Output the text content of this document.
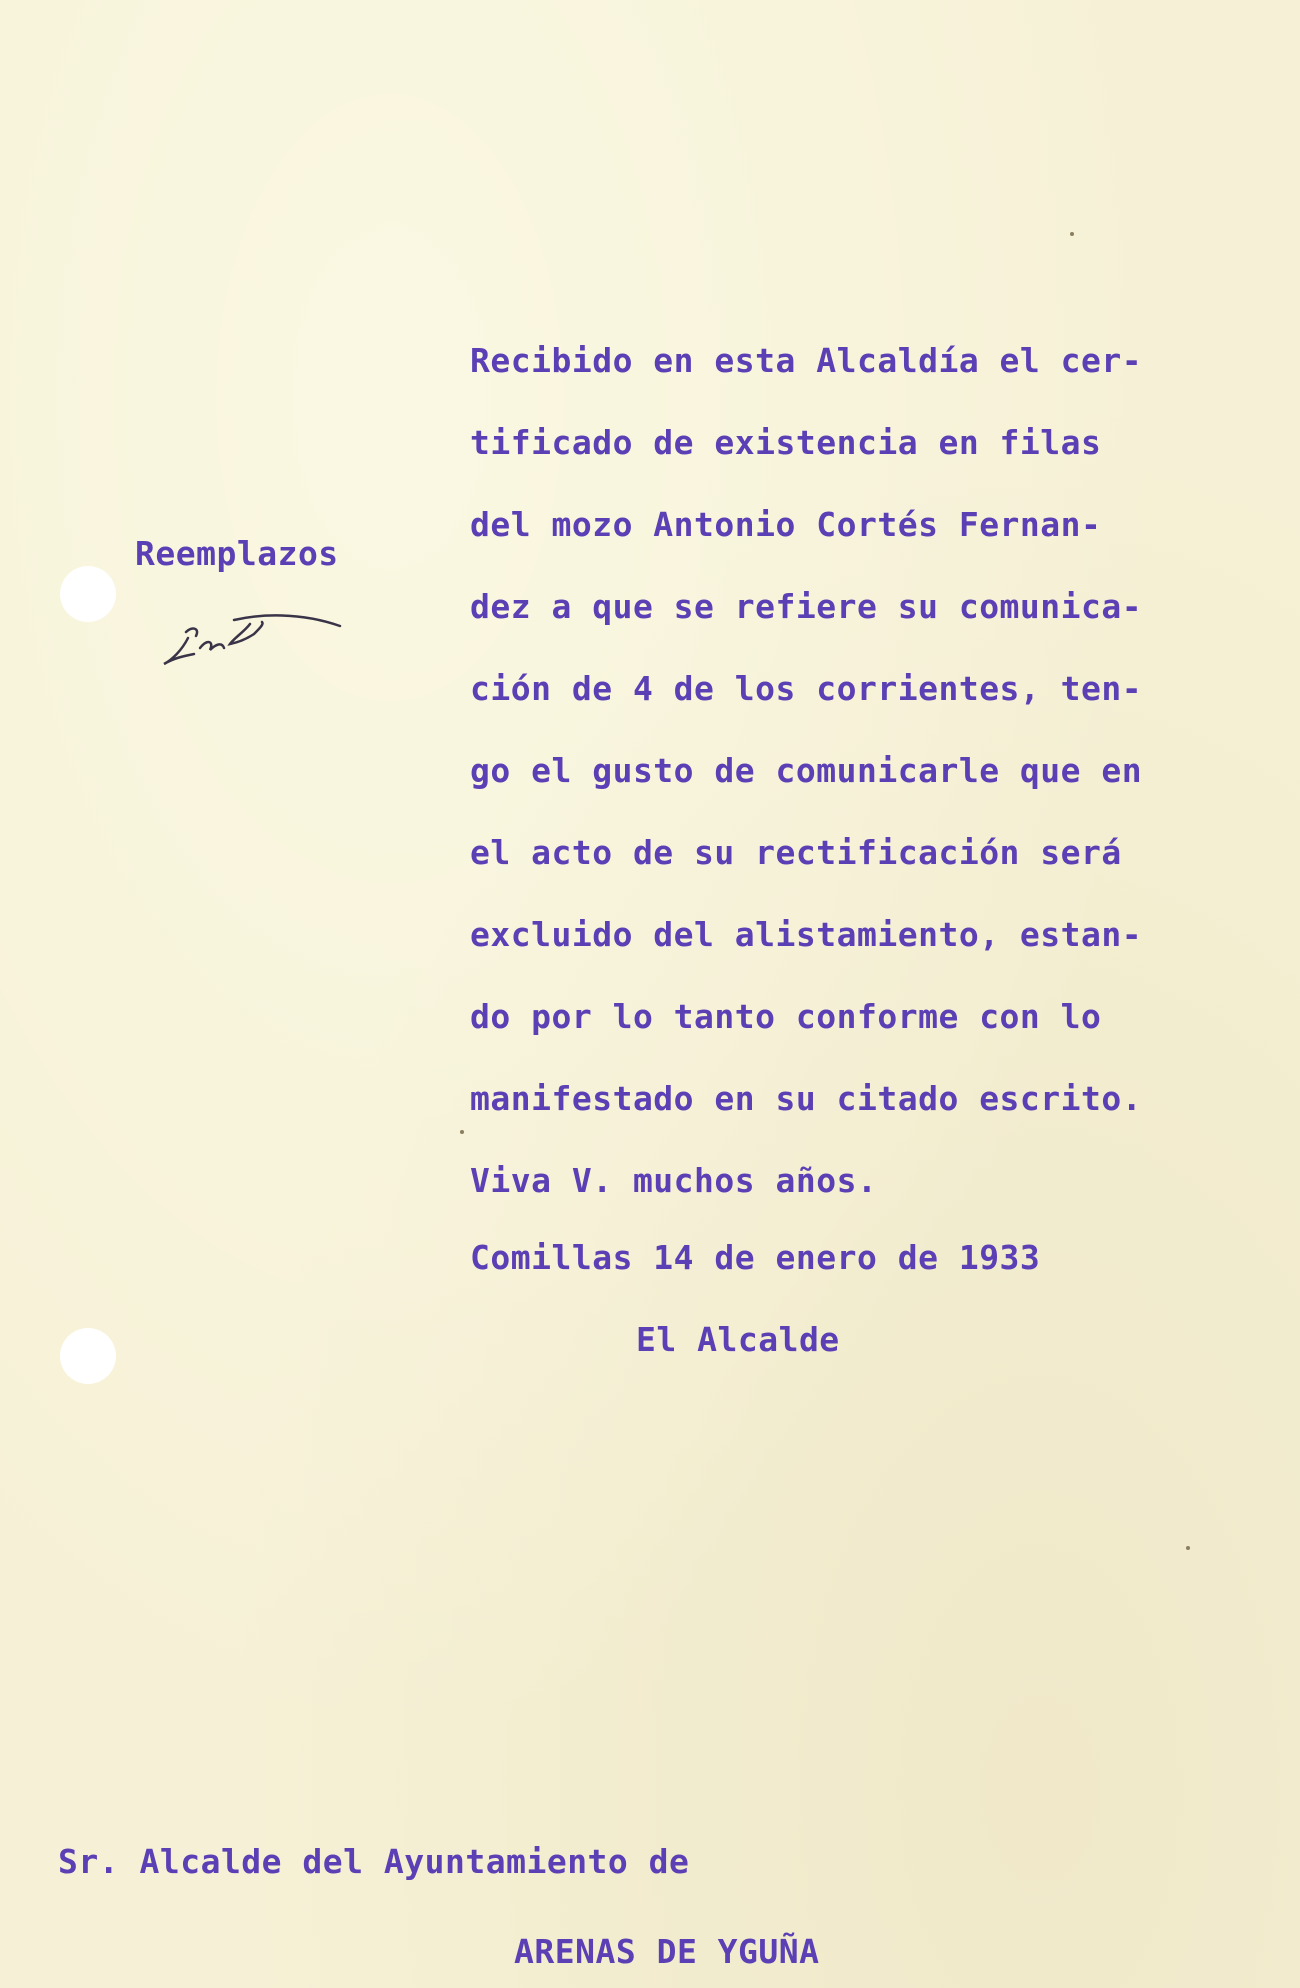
Reemplazos

Recibido en esta Alcaldía el cer-
tificado de existencia en filas
del mozo Antonio Cortés Fernan-
dez a que se refiere su comunica-
ción de 4 de los corrientes, ten-
go el gusto de comunicarle que en
el acto de su rectificación será
excluido del alistamiento, estan-
do por lo tanto conforme con lo
manifestado en su citado escrito.
Viva V. muchos años.

Comillas 14 de enero de 1933

El Alcalde

Sr. Alcalde del Ayuntamiento de

ARENAS DE YGUÑA
